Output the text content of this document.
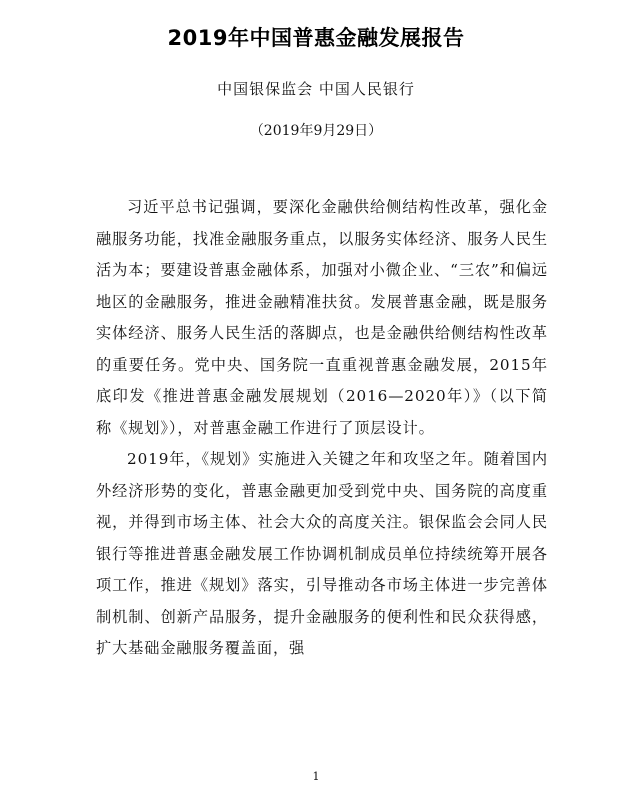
2019年中国普惠金融发展报告
中国银保监会 中国人民银行
（2019年9月29日）

习近平总书记强调，要深化金融供给侧结构性改革，强化金融服务功能，找准金融服务重点，以服务实体经济、服务人民生活为本；要建设普惠金融体系，加强对小微企业、“三农”和偏远地区的金融服务，推进金融精准扶贫。发展普惠金融，既是服务实体经济、服务人民生活的落脚点，也是金融供给侧结构性改革的重要任务。党中央、国务院一直重视普惠金融发展，2015年底印发《推进普惠金融发展规划（2016—2020年）》（以下简称《规划》），对普惠金融工作进行了顶层设计。

2019年，《规划》实施进入关键之年和攻坚之年。随着国内外经济形势的变化，普惠金融更加受到党中央、国务院的高度重视，并得到市场主体、社会大众的高度关注。银保监会会同人民银行等推进普惠金融发展工作协调机制成员单位持续统筹开展各项工作，推进《规划》落实，引导推动各市场主体进一步完善体制机制、创新产品服务，提升金融服务的便利性和民众获得感，扩大基础金融服务覆盖面，强

1
